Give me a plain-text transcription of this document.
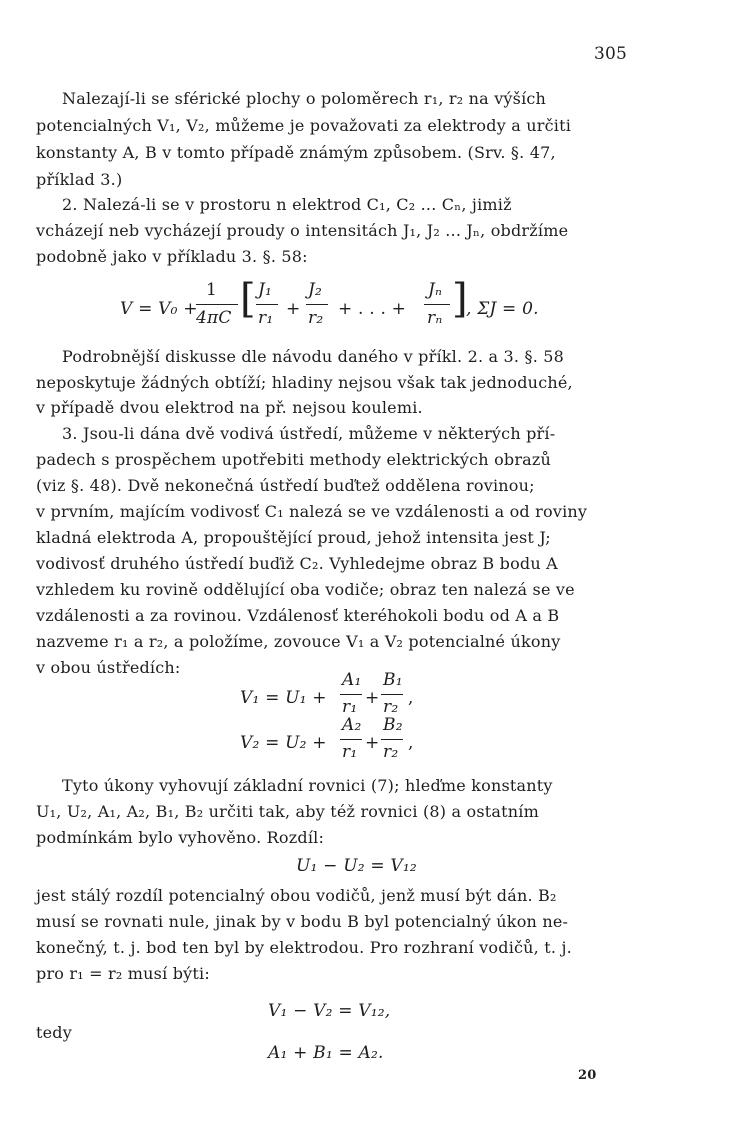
305
Nalezají-li se sférické plochy o poloměrech r₁, r₂ na výších
potencialných V₁, V₂, můžeme je považovati za elektrody a určiti
konstanty A, B v tomto případě známým způsobem. (Srv. §. 47,
příklad 3.)
2. Nalezá-li se v prostoru n elektrod C₁, C₂ ... Cₙ, jimiž
vcházejí neb vycházejí proudy o intensitách J₁, J₂ ... Jₙ, obdržíme
podobně jako v příkladu 3. §. 58:
V = V₀ +
1
4πC [ J₁
r₁ +
J₂
r₂ + . . . +
Jₙ
rₙ ]
, ΣJ = 0.
Podrobnější diskusse dle návodu daného v příkl. 2. a 3. §. 58
neposkytuje žádných obtíží; hladiny nejsou však tak jednoduché,
v případě dvou elektrod na př. nejsou koulemi.
3. Jsou-li dána dvě vodivá ústředí, můžeme v některých pří-
padech s prospěchem upotřebiti methody elektrických obrazů
(viz §. 48). Dvě nekonečná ústředí buďtež oddělena rovinou;
v prvním, majícím vodivosť C₁ nalezá se ve vzdálenosti a od roviny
kladná elektroda A, propouštějící proud, jehož intensita jest J;
vodivosť druhého ústředí buďiž C₂. Vyhledejme obraz B bodu A
vzhledem ku rovině oddělující oba vodiče; obraz ten nalezá se ve
vzdálenosti a za rovinou. Vzdálenosť kteréhokoli bodu od A a B
nazveme r₁ a r₂, a položíme, zovouce V₁ a V₂ potencialné úkony
v obou ústředích:
V₁ = U₁ +
A₁
r₁ +
B₁
r₂ ,
V₂ = U₂ +
A₂
r₁ +
B₂
r₂ ,
Tyto úkony vyhovují základní rovnici (7); hleďme konstanty
U₁, U₂, A₁, A₂, B₁, B₂ určiti tak, aby též rovnici (8) a ostatním
podmínkám bylo vyhověno. Rozdíl:
U₁ − U₂ = V₁₂
jest stálý rozdíl potencialný obou vodičů, jenž musí být dán. B₂
musí se rovnati nule, jinak by v bodu B byl potencialný úkon ne-
konečný, t. j. bod ten byl by elektrodou. Pro rozhraní vodičů, t. j.
pro r₁ = r₂ musí býti:
V₁ − V₂ = V₁₂,
tedy
A₁ + B₁ = A₂.
20
